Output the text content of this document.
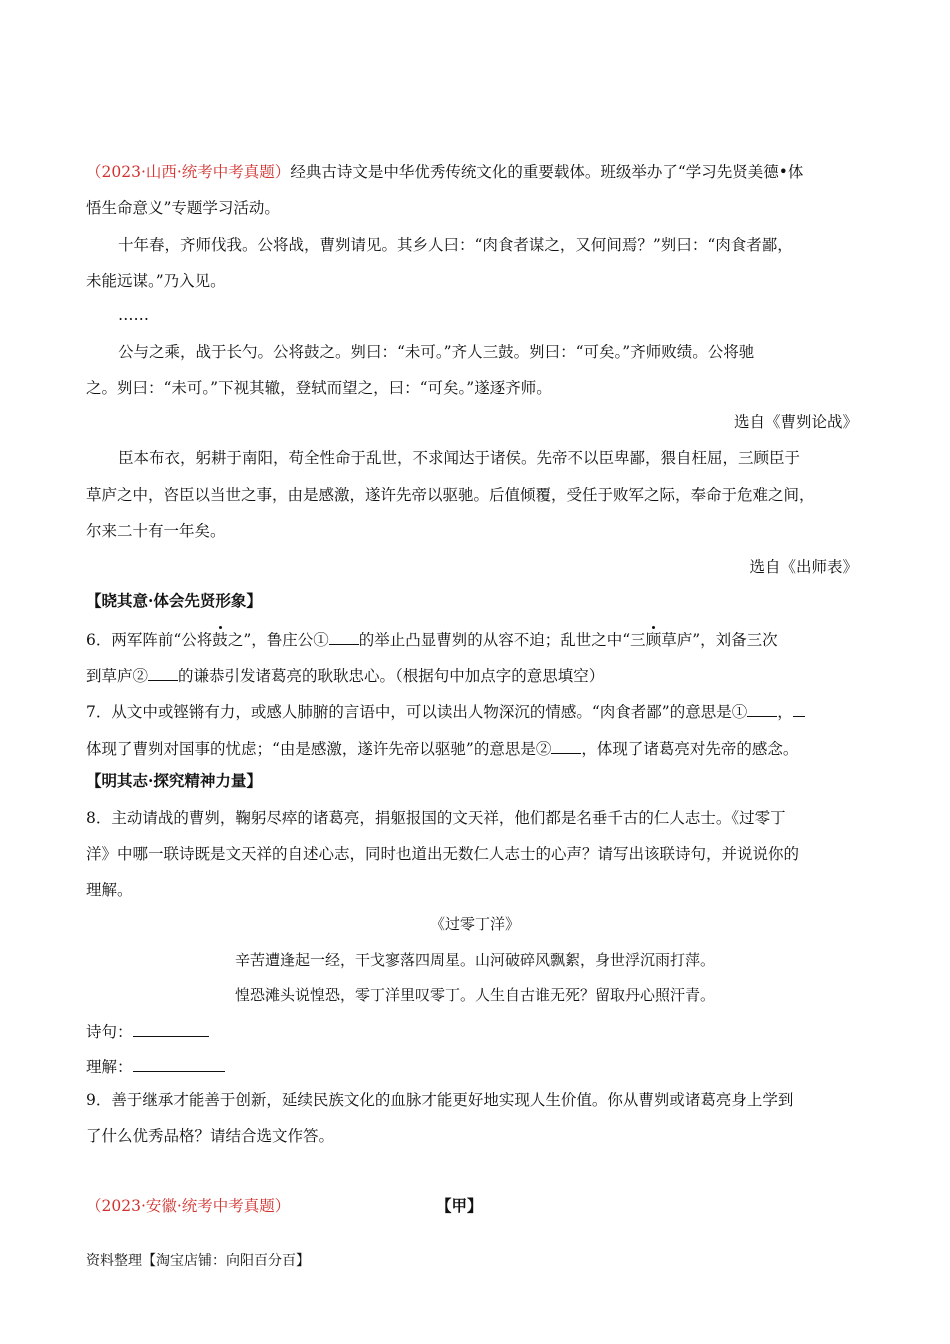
（2023·山西·统考中考真题）经典古诗文是中华优秀传统文化的重要载体。班级举办了“学习先贤美德•体
悟生命意义”专题学习活动。
十年春，齐师伐我。公将战，曹刿请见。其乡人曰：“肉食者谋之，又何间焉？”刿曰：“肉食者鄙，
未能远谋。”乃入见。
……
公与之乘，战于长勺。公将鼓之。刿曰：“未可。”齐人三鼓。刿曰：“可矣。”齐师败绩。公将驰
之。刿曰：“未可。”下视其辙，登轼而望之，曰：“可矣。”遂逐齐师。
选自《曹刿论战》
臣本布衣，躬耕于南阳，苟全性命于乱世，不求闻达于诸侯。先帝不以臣卑鄙，猥自枉屈，三顾臣于
草庐之中，咨臣以当世之事，由是感激，遂许先帝以驱驰。后值倾覆，受任于败军之际，奉命于危难之间，
尔来二十有一年矣。
选自《出师表》
【晓其意·体会先贤形象】
6．两军阵前“公将鼓之”，鲁庄公① 的举止凸显曹刿的从容不迫；乱世之中“三顾草庐”，刘备三次
到草庐② 的谦恭引发诸葛亮的耿耿忠心。（根据句中加点字的意思填空）
7．从文中或铿锵有力，或感人肺腑的言语中，可以读出人物深沉的情感。“肉食者鄙”的意思是① ，
体现了曹刿对国事的忧虑；“由是感激，遂许先帝以驱驰”的意思是② ，体现了诸葛亮对先帝的感念。
【明其志·探究精神力量】
8．主动请战的曹刿，鞠躬尽瘁的诸葛亮，捐躯报国的文天祥，他们都是名垂千古的仁人志士。《过零丁
洋》中哪一联诗既是文天祥的自述心志，同时也道出无数仁人志士的心声？请写出该联诗句，并说说你的
理解。
《过零丁洋》
辛苦遭逢起一经，干戈寥落四周星。山河破碎风飘絮，身世浮沉雨打萍。
惶恐滩头说惶恐，零丁洋里叹零丁。人生自古谁无死？留取丹心照汗青。
诗句：
理解：
9．善于继承才能善于创新，延续民族文化的血脉才能更好地实现人生价值。你从曹刿或诸葛亮身上学到
了什么优秀品格？请结合选文作答。
（2023·安徽·统考中考真题）	【甲】
资料整理【淘宝店铺：向阳百分百】
